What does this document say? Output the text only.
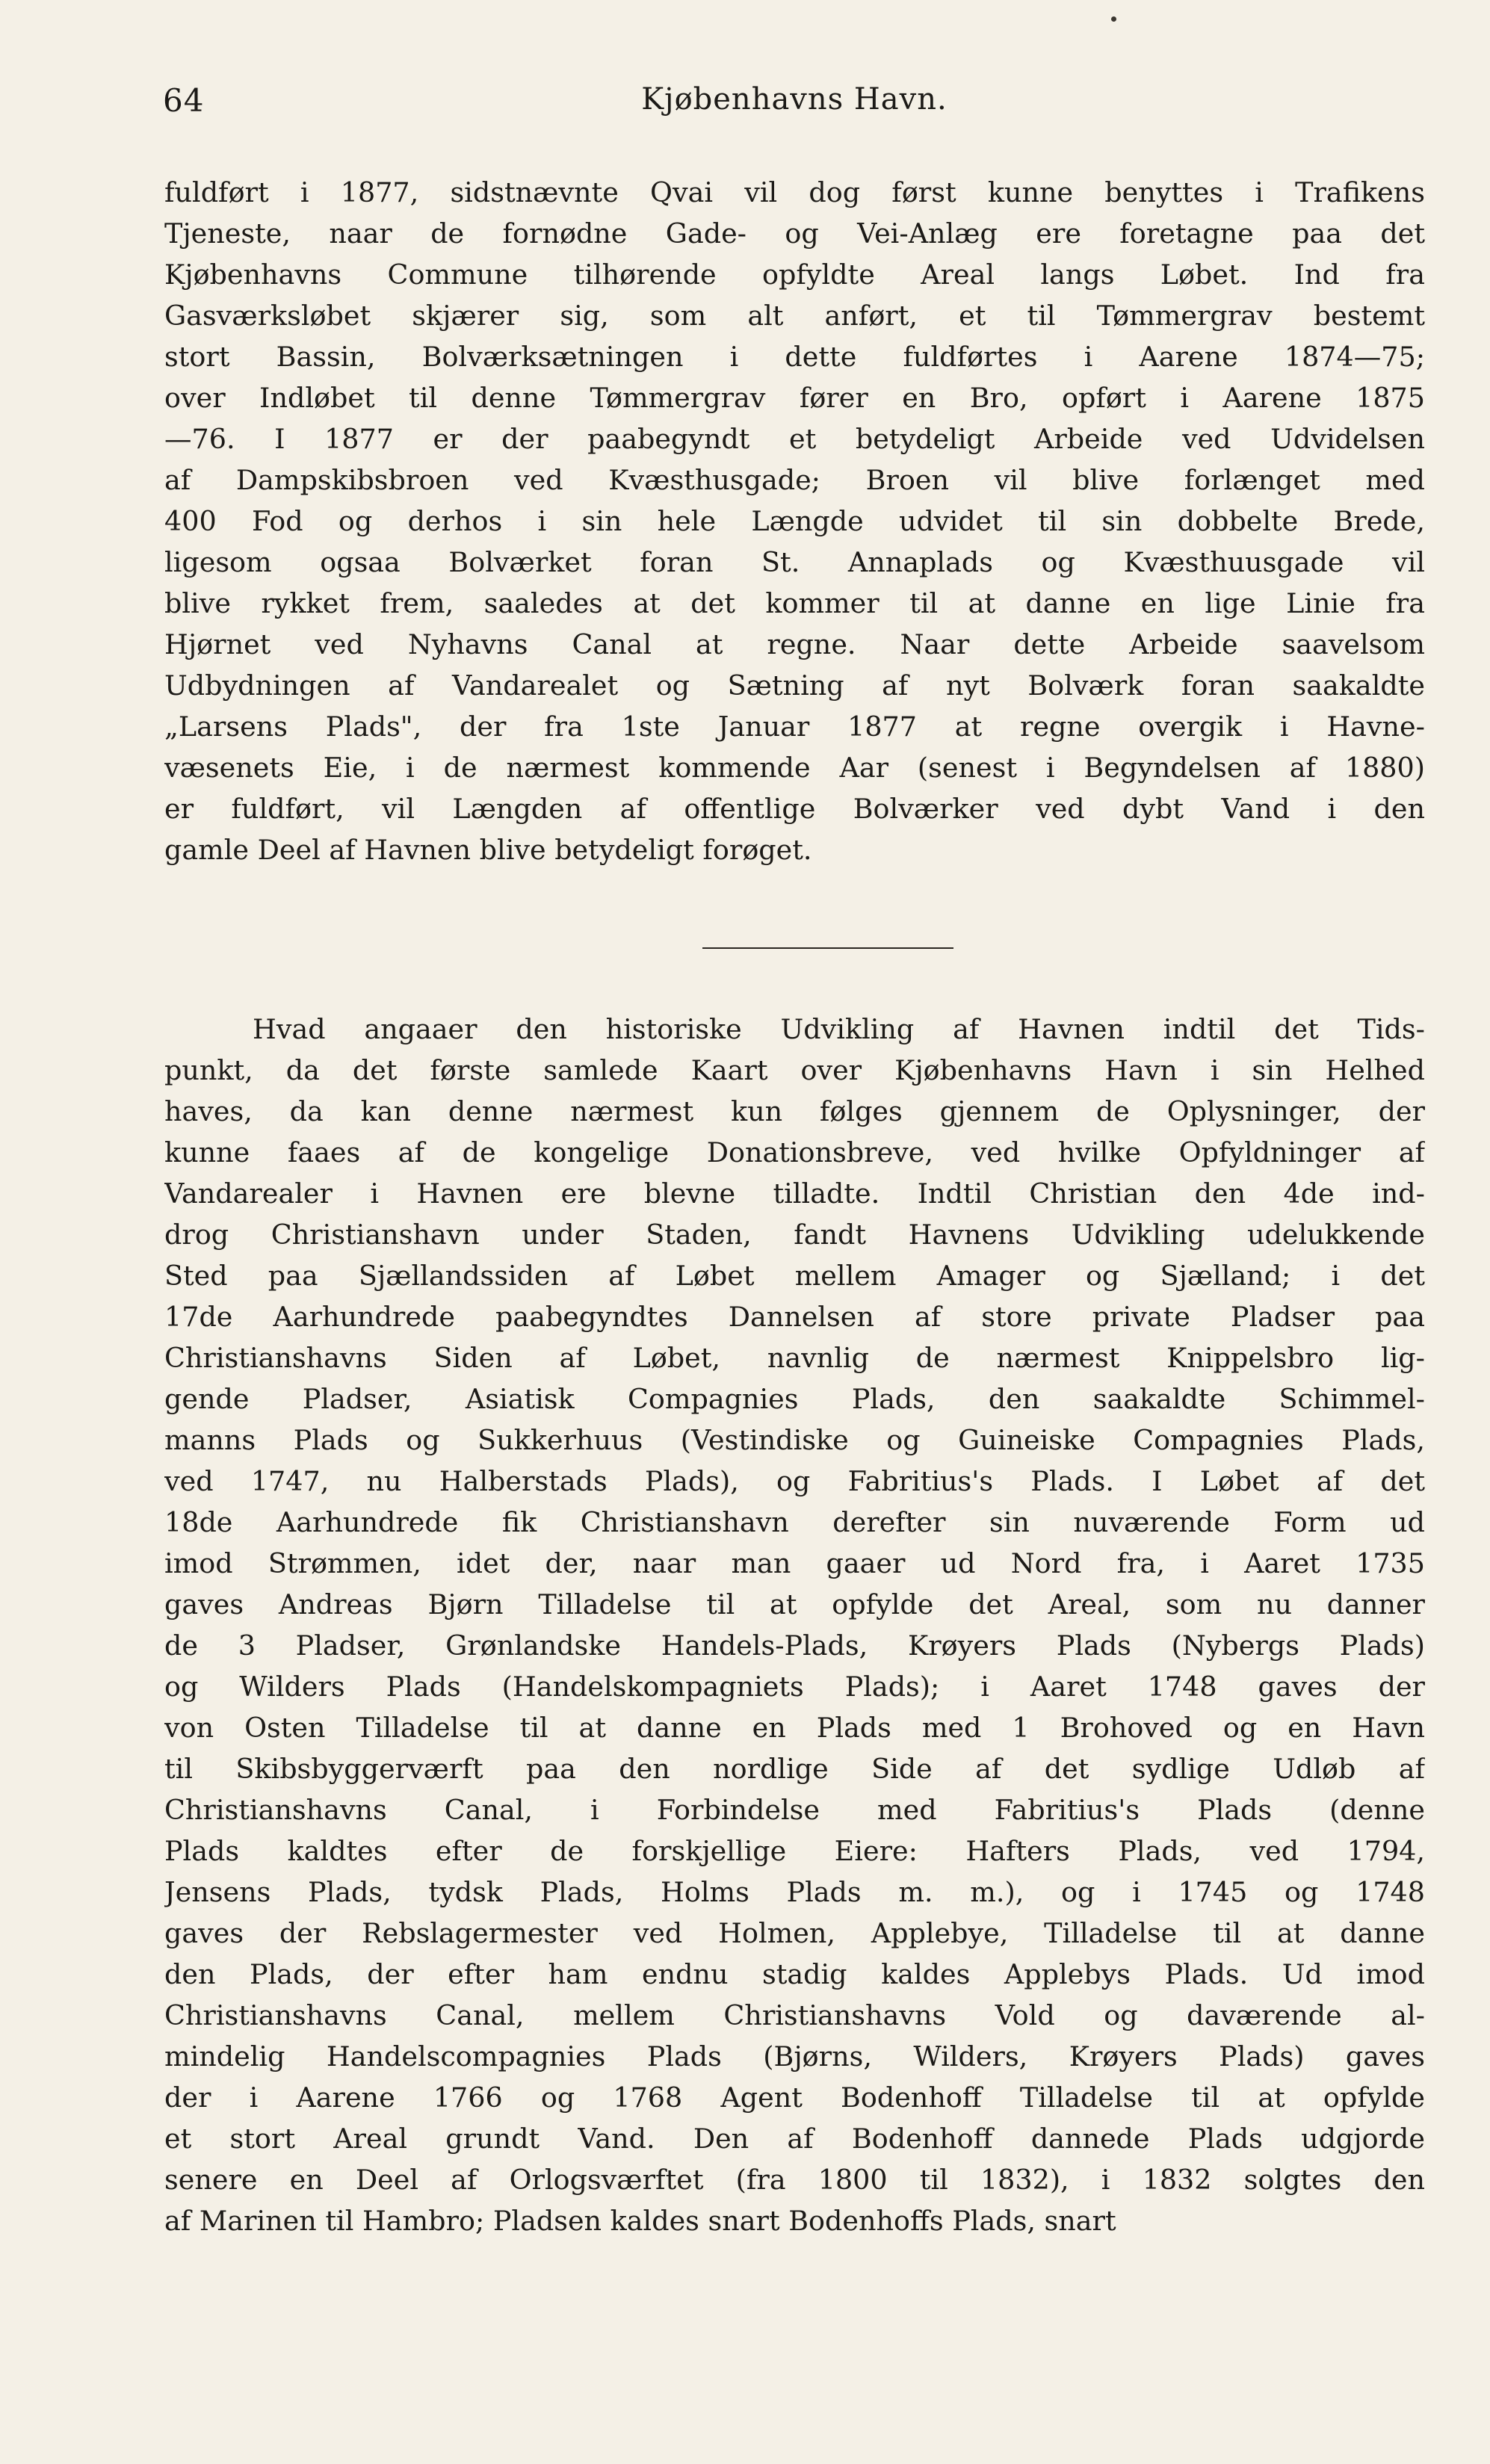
64	Kjøbenhavns Havn.
fuldført i 1877, sidstnævnte Qvai vil dog først kunne benyttes i Trafikens
Tjeneste, naar de fornødne Gade- og Vei-Anlæg ere foretagne paa det
Kjøbenhavns Commune tilhørende opfyldte Areal langs Løbet. Ind fra
Gasværksløbet skjærer sig, som alt anført, et til Tømmergrav bestemt
stort Bassin, Bolværksætningen i dette fuldførtes i Aarene 1874—75;
over Indløbet til denne Tømmergrav fører en Bro, opført i Aarene 1875
—76. I 1877 er der paabegyndt et betydeligt Arbeide ved Udvidelsen
af Dampskibsbroen ved Kvæsthusgade; Broen vil blive forlænget med
400 Fod og derhos i sin hele Længde udvidet til sin dobbelte Brede,
ligesom ogsaa Bolværket foran St. Annaplads og Kvæsthuusgade vil
blive rykket frem, saaledes at det kommer til at danne en lige Linie fra
Hjørnet ved Nyhavns Canal at regne. Naar dette Arbeide saavelsom
Udbydningen af Vandarealet og Sætning af nyt Bolværk foran saakaldte
„Larsens Plads", der fra 1ste Januar 1877 at regne overgik i Havne-
væsenets Eie, i de nærmest kommende Aar (senest i Begyndelsen af 1880)
er fuldført, vil Længden af offentlige Bolværker ved dybt Vand i den
gamle Deel af Havnen blive betydeligt forøget.
Hvad angaaer den historiske Udvikling af Havnen indtil det Tids-
punkt, da det første samlede Kaart over Kjøbenhavns Havn i sin Helhed
haves, da kan denne nærmest kun følges gjennem de Oplysninger, der
kunne faaes af de kongelige Donationsbreve, ved hvilke Opfyldninger af
Vandarealer i Havnen ere blevne tilladte. Indtil Christian den 4de ind-
drog Christianshavn under Staden, fandt Havnens Udvikling udelukkende
Sted paa Sjællandssiden af Løbet mellem Amager og Sjælland; i det
17de Aarhundrede paabegyndtes Dannelsen af store private Pladser paa
Christianshavns Siden af Løbet, navnlig de nærmest Knippelsbro lig-
gende Pladser, Asiatisk Compagnies Plads, den saakaldte Schimmel-
manns Plads og Sukkerhuus (Vestindiske og Guineiske Compagnies Plads,
ved 1747, nu Halberstads Plads), og Fabritius's Plads. I Løbet af det
18de Aarhundrede fik Christianshavn derefter sin nuværende Form ud
imod Strømmen, idet der, naar man gaaer ud Nord fra, i Aaret 1735
gaves Andreas Bjørn Tilladelse til at opfylde det Areal, som nu danner
de 3 Pladser, Grønlandske Handels-Plads, Krøyers Plads (Nybergs Plads)
og Wilders Plads (Handelskompagniets Plads); i Aaret 1748 gaves der
von Osten Tilladelse til at danne en Plads med 1 Brohoved og en Havn
til Skibsbyggerværft paa den nordlige Side af det sydlige Udløb af
Christianshavns Canal, i Forbindelse med Fabritius's Plads (denne
Plads kaldtes efter de forskjellige Eiere: Hafters Plads, ved 1794,
Jensens Plads, tydsk Plads, Holms Plads m. m.), og i 1745 og 1748
gaves der Rebslagermester ved Holmen, Applebye, Tilladelse til at danne
den Plads, der efter ham endnu stadig kaldes Applebys Plads. Ud imod
Christianshavns Canal, mellem Christianshavns Vold og daværende al-
mindelig Handelscompagnies Plads (Bjørns, Wilders, Krøyers Plads) gaves
der i Aarene 1766 og 1768 Agent Bodenhoff Tilladelse til at opfylde
et stort Areal grundt Vand. Den af Bodenhoff dannede Plads udgjorde
senere en Deel af Orlogsværftet (fra 1800 til 1832), i 1832 solgtes den
af Marinen til Hambro; Pladsen kaldes snart Bodenhoffs Plads, snart
